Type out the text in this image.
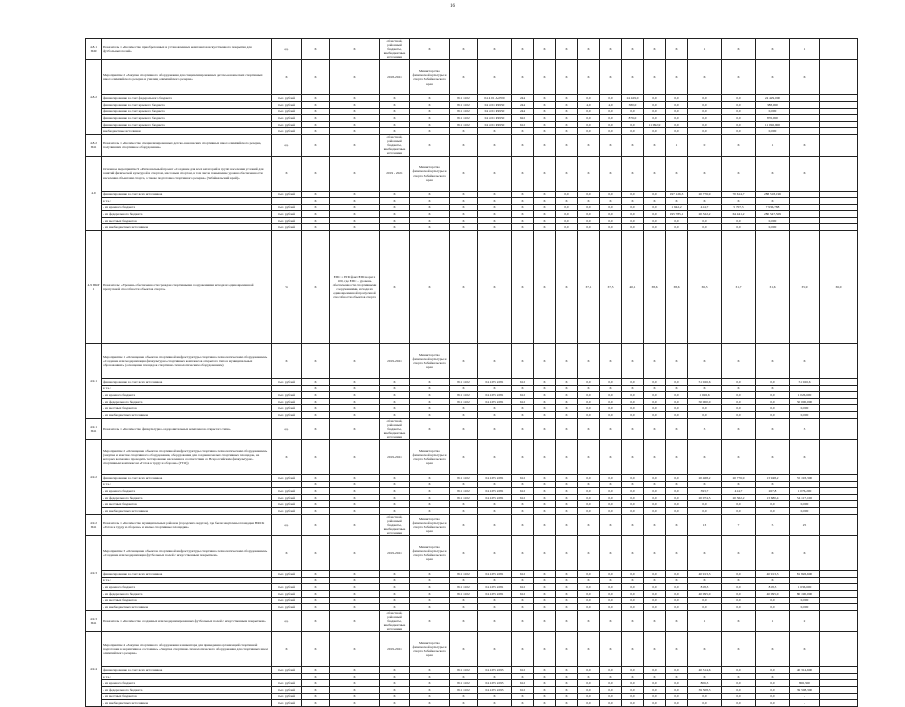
16
4.8.1
П49	Показатель 1 «Количество приобретенных и установленных комплектов искусственного покрытия для футбольных полей»	ед.	X	X	областной, районный бюджеты, внебюджетные источники	X	X	X	X	X	X	X	X	X	X	X	1	X	X	1	
4.8.2	Мероприятие 2 «Закупка спортивного оборудования для специализированных детско-юношеских спортивных школ олимпийского резерва и училищ олимпийского резерва»	X	X	X	2018-2021	Министерство физической культуры и спорта Забайкальского края	X	X	X	X	X	X	X	X	X	X	X	X	X	X	
	финансирование за счет федерального бюджета	тыс. рублей	X	X	X	X	811 1102	04 4 01 А4700	244	X	X	0,0	0,0	24 429,0	0,0	0,0	0,0	0,0	24 429,000		
	финансирование за счет краевого бюджета	тыс. рублей	X	X	X	X	811 1102	04 4 01 Р4950	244	X	X	4,0	4,0	380,0	0,0	0,0	0,0	0,0	388,000		
	финансирование за счет краевого бюджета	тыс. рублей	X	X	X	X	811 1102	04 4 01 Р4950	244	X	X	0,0	0,0	0,0	0,0	0,0	0,0	0,0	0,000		
	финансирование за счет краевого бюджета	тыс. рублей	X	X	X	X	811 1102	04 4 01 Р4950	622	X	X	0,0	0,0	876,0	0,0	0,0	0,0	0,0	876,000		
	финансирование за счет краевого бюджета	тыс. рублей	X	X	X	X	811 1102	04 4 01 Р4950	612	X	X	0,0	0,0	0,0	11 092,9	0,0	0,0	0,0	11 092,900		
	внебюджетные источники	тыс. рублей	X	X	X	X	X	X	X	X	X	0,0	0,0	0,0	0,0	0,0	0,0	0,0	0,000		
4.8.2
П41	Показатель 1 «Количество специализированных детско-юношеских спортивных школ олимпийского резерва, получивших спортивное оборудование»	ед.	X	X	областной, районный бюджеты, внебюджетные источники	X	X	X	X	X	X	X	X	X	X	1	0	X	1	X	
4.9	Основное мероприятие 9 «Региональный проект «Создание для всех категорий и групп населения условий для занятий физической культурой и спортом, массовым спортом, в том числе повышение уровня обеспеченности населения объектами спорта, а также подготовка спортивного резерва» (Забайкальский край)»	X	X	X	2019 - 2021	Министерство физической культуры и спорта Забайкальского края	X	X	X	X	X	X	X	X	X	X	X	X	X	X	
	финансирование за счет всех источников	тыс. рублей	X	X	X	X	X	X	X	X	0,0	0,0	0,0	0,0	0,0	197 126,3	20 776,9	70 614,7	288 518,196		
	в т.ч.:		X	X	X	X	X	X	X	X	X	X	X	X	X	X	X	X	X		
	- из краевого бюджета	тыс. рублей	X	X	X	X	X	X	X	X	0,0	0,0	0,0	0,0	0,0	1 942,2	414,7	5 707,5	7 936,788		
	- из федерального бюджета	тыс. рублей	X	X	X	X	X	X	X	X	0,0	0,0	0,0	0,0	0,0	195 785,1	20 322,2	64 441,2	280 547,509		
	- из местных бюджетов	тыс. рублей	X	X	X	X	X	X	X	X	0,0	0,0	0,0	0,0	0,0	0,0	0,0	0,0	0,000		
	- из внебюджетных источников	тыс. рублей	X	X	X	X	X	X	X	X	0,0	0,0	0,0	0,0	0,0	0,0	0,0	0,0	0,000		
4.9 ПКР 1	Показатель: «Уровень обеспеченности граждан спортивными сооружениями исходя из единовременной пропускной способности объектов спорта»	%	X	ЕПС = ЕПСфакт/ЕПСнорм x 100, где ЕПС – уровень обеспеченности спортивными сооружениями, исходя из единовременной пропускной способности объектов спорта	X	X	X	X	X	X	X	37,1	37,5	40,1	38,6	38,6	36,3	31,7	31,6	35,9	36,0
4.9.1	Мероприятие 1 «Оснащение объектов спортивной инфраструктуры спортивно-технологическим оборудованием» «Создание или модернизация физкультурно-спортивных комплексов открытого типа в муниципальных образованиях» (оснащение площадок спортивно-технологическим оборудованием)	X	X	X	2019-2021	Министерство физической культуры и спорта Забайкальского края	X	X	X	X	X	X	X	X	X	X	X	X	X	X	
	финансирование за счет всех источников	тыс. рублей	X	X	X	X	811 1102	04 4 Р5 2281	612	X	X	0,0	0,0	0,0	0,0	0,0	51 026,6	0,0	0,0	51 026,6	
	в т.ч.:		X	X	X	X	X	X	X	X	X	X	X	X	X	X	X	X	X		
	- из краевого бюджета	тыс. рублей	X	X	X	X	811 1102	04 4 Р5 2281	612	X	X	0,0	0,0	0,0	0,0	0,0	1 026,6	0,0	0,0	1 026,600	
	- из федерального бюджета	тыс. рублей	X	X	X	X	811 1102	04 4 Р5 2281	612	X	X	0,0	0,0	0,0	0,0	0,0	50 000,0	0,0	0,0	50 000,000	
	- из местных бюджетов	тыс. рублей	X	X	X	X	X	X	X	X	X	0,0	0,0	0,0	0,0	0,0	0,0	0,0	0,0	0,000	
	- из внебюджетных источников	тыс. рублей	X	X	X	X	X	X	X	X	X	0,0	0,0	0,0	0,0	0,0	0,0	0,0	0,0	0,000	
4.9.1
П41	Показатель 1 «Количество физкультурно-оздоровительных комплексов открытого типа»	ед.	X	X	областной, районный бюджеты, внебюджетные источники	X	X	X	X	X	X	X	X	X	X	X	3	X	X	3	
4.9.2	Мероприятие 2 «Оснащение объектов спортивной инфраструктуры спортивно-технологическим оборудованием» (закупка и монтаж спортивного оборудования, оборудования для создания малых спортивных площадок, на которых возможно проводить тестирование населения в соответствии со Всероссийским физкультурно-спортивным комплексом «Готов к труду и обороне» (ГТО))	X	X	X	2019-2021	Министерство физической культуры и спорта Забайкальского края	X	X	X	X	X	X	X	X	X	X	X	X	X	X	
	финансирование за счет всех источников	тыс. рублей	X	X	X	X	811 1102	04 4 Р5 2281	612	X	X	0,0	0,0	0,0	0,0	0,0	20 468,2	20 776,9	13 948,2	55 193,300	
	в т.ч.:		X	X	X	X	X	X	X	X	X	X	X	X	X	X	X	X	X		
	- из краевого бюджета	тыс. рублей	X	X	X	X	811 1102	04 4 Р5 2281	612	X	X	0,0	0,0	0,0	0,0	0,0	393,7	414,7	267,8	1 076,200	
	- из федерального бюджета	тыс. рублей	X	X	X	X	811 1102	04 4 Р5 2281	612	X	X	0,0	0,0	0,0	0,0	0,0	20 074,5	20 362,2	13 680,4	54 117,100	
	- из местных бюджетов	тыс. рублей	X	X	X	X	X	X	X	X	X	0,0	0,0	0,0	0,0	0,0	0,0	0,0	0,0	0,000	
	- из внебюджетных источников	тыс. рублей	X	X	X	X	X	X	X	X	X	0,0	0,0	0,0	0,0	0,0	0,0	0,0	0,0	0,000	
4.9.2
П41	Показатель 1 «Количество муниципальных районов (городских округов), где были закуплены площадки ВФСК «Готов к труду и обороне» и малые спортивные площадки»	ед.	X	X	областной, районный бюджеты, внебюджетные источники	Министерство физической культуры и спорта Забайкальского края	X	X	X	X	X	X	X	X	X	X	13	7	5	25	
4.9.3	Мероприятие 3 «Оснащение объектов спортивной инфраструктуры спортивно-технологическим оборудованием» «Создание или модернизация футбольных полей с искусственным покрытием»	X	X	X	2019-2021	Министерство физической культуры и спорта Забайкальского края	X	X	X	X	X	X	X	X	X	X	X	X	X	X	
	финансирование за счет всех источников	тыс. рублей	X	X	X	X	811 1102	04 4 Р5 2281	612	X	X	0,0	0,0	0,0	0,0	0,0	40 913,3	0,0	40 913,3	81 826,600	
	в т.ч.:		X	X	X	X	X	X	X	X	X	X	X	X	X	X	X	X	X		
	- из краевого бюджета	тыс. рублей	X	X	X	X	811 1102	04 4 Р5 2281	612	X	X	0,0	0,0	0,0	0,0	0,0	818,3	0,0	818,3	1 636,600	
	- из федерального бюджета	тыс. рублей	X	X	X	X	811 1102	04 4 Р5 2281	612	X	X	0,0	0,0	0,0	0,0	0,0	40 095,0	0,0	40 095,0	80 190,000	
	- из местных бюджетов	тыс. рублей	X	X	X	X	X	X	X	X	X	0,0	0,0	0,0	0,0	0,0	0,0	0,0	0,0	0,000	
	- из внебюджетных источников	тыс. рублей	X	X	X	X	X	X	X	X	X	0,0	0,0	0,0	0,0	0,0	0,0	0,0	0,0	0,000	
4.9.3
П41	Показатель 1 «Количество созданных или модернизированных футбольных полей с искусственным покрытием»	ед.	X	X	областной, районный бюджеты, внебюджетные источники	X	X	X	X	X	X	X	X	X	X	X	1	X	1	2	
4.9.4	Мероприятие 4 «Закупка спортивного оборудования и инвентаря для приведения организаций спортивной подготовки в нормативное состояние» «Закупка спортивно-технологического оборудования для спортивных школ олимпийского резерва»	X	X	X	2019-2021	Министерство физической культуры и спорта Забайкальского края	X	X	X	X	X	X	X	X	X	X	X	X	X	X	
	финансирование за счет всех источников	тыс. рублей	X	X	X	X	811 1102	04 4 Р5 2293	612	X	X	0,0	0,0	0,0	0,0	0,0	40 314,6	0,0	0,0	40 314,600	
	в т.ч.:		X	X	X	X	X	X	X	X	X	X	X	X	X	X	X	X	X		
	- из краевого бюджета	тыс. рублей	X	X	X	X	811 1102	04 4 Р5 2293	612	X	X	0,0	0,0	0,0	0,0	0,0	806,3	0,0	0,0	806,300	
	- из федерального бюджета	тыс. рублей	X	X	X	X	811 1102	04 4 Р5 2293	612	X	X	0,0	0,0	0,0	0,0	0,0	39 508,3	0,0	0,0	39 508,300	
	- из местных бюджетов	тыс. рублей	X	X	X	X	X	X	X	X	X	0,0	0,0	0,0	0,0	0,0	0,0	0,0	0,0	-	
	- из внебюджетных источников	тыс. рублей	X	X	X	X	X	X	X	X	X	0,0	0,0	0,0	0,0	0,0	0,0	0,0	0,0	-	
